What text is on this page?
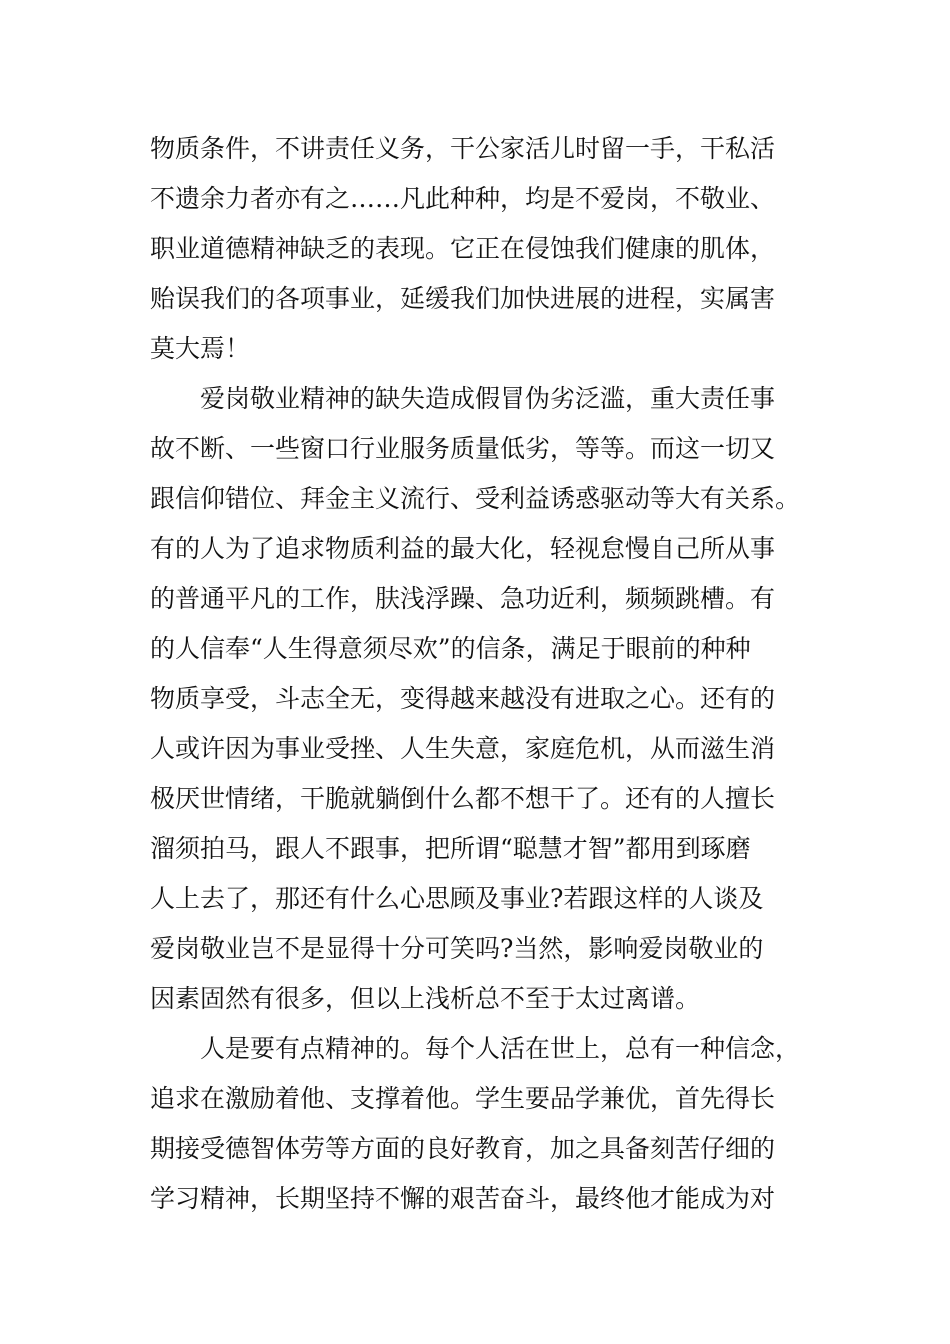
物质条件，不讲责任义务，干公家活儿时留一手，干私活
不遗余力者亦有之……凡此种种，均是不爱岗，不敬业、
职业道德精神缺乏的表现。它正在侵蚀我们健康的肌体，
贻误我们的各项事业，延缓我们加快进展的进程，实属害
莫大焉！
爱岗敬业精神的缺失造成假冒伪劣泛滥，重大责任事
故不断、一些窗口行业服务质量低劣，等等。而这一切又
跟信仰错位、拜金主义流行、受利益诱惑驱动等大有关系。
有的人为了追求物质利益的最大化，轻视怠慢自己所从事
的普通平凡的工作，肤浅浮躁、急功近利，频频跳槽。有
的人信奉“人生得意须尽欢”的信条，满足于眼前的种种
物质享受，斗志全无，变得越来越没有进取之心。还有的
人或许因为事业受挫、人生失意，家庭危机，从而滋生消
极厌世情绪，干脆就躺倒什么都不想干了。还有的人擅长
溜须拍马，跟人不跟事，把所谓“聪慧才智”都用到琢磨
人上去了，那还有什么心思顾及事业?若跟这样的人谈及
爱岗敬业岂不是显得十分可笑吗?当然，影响爱岗敬业的
因素固然有很多，但以上浅析总不至于太过离谱。
人是要有点精神的。每个人活在世上，总有一种信念，
追求在激励着他、支撑着他。学生要品学兼优，首先得长
期接受德智体劳等方面的良好教育，加之具备刻苦仔细的
学习精神，长期坚持不懈的艰苦奋斗，最终他才能成为对
